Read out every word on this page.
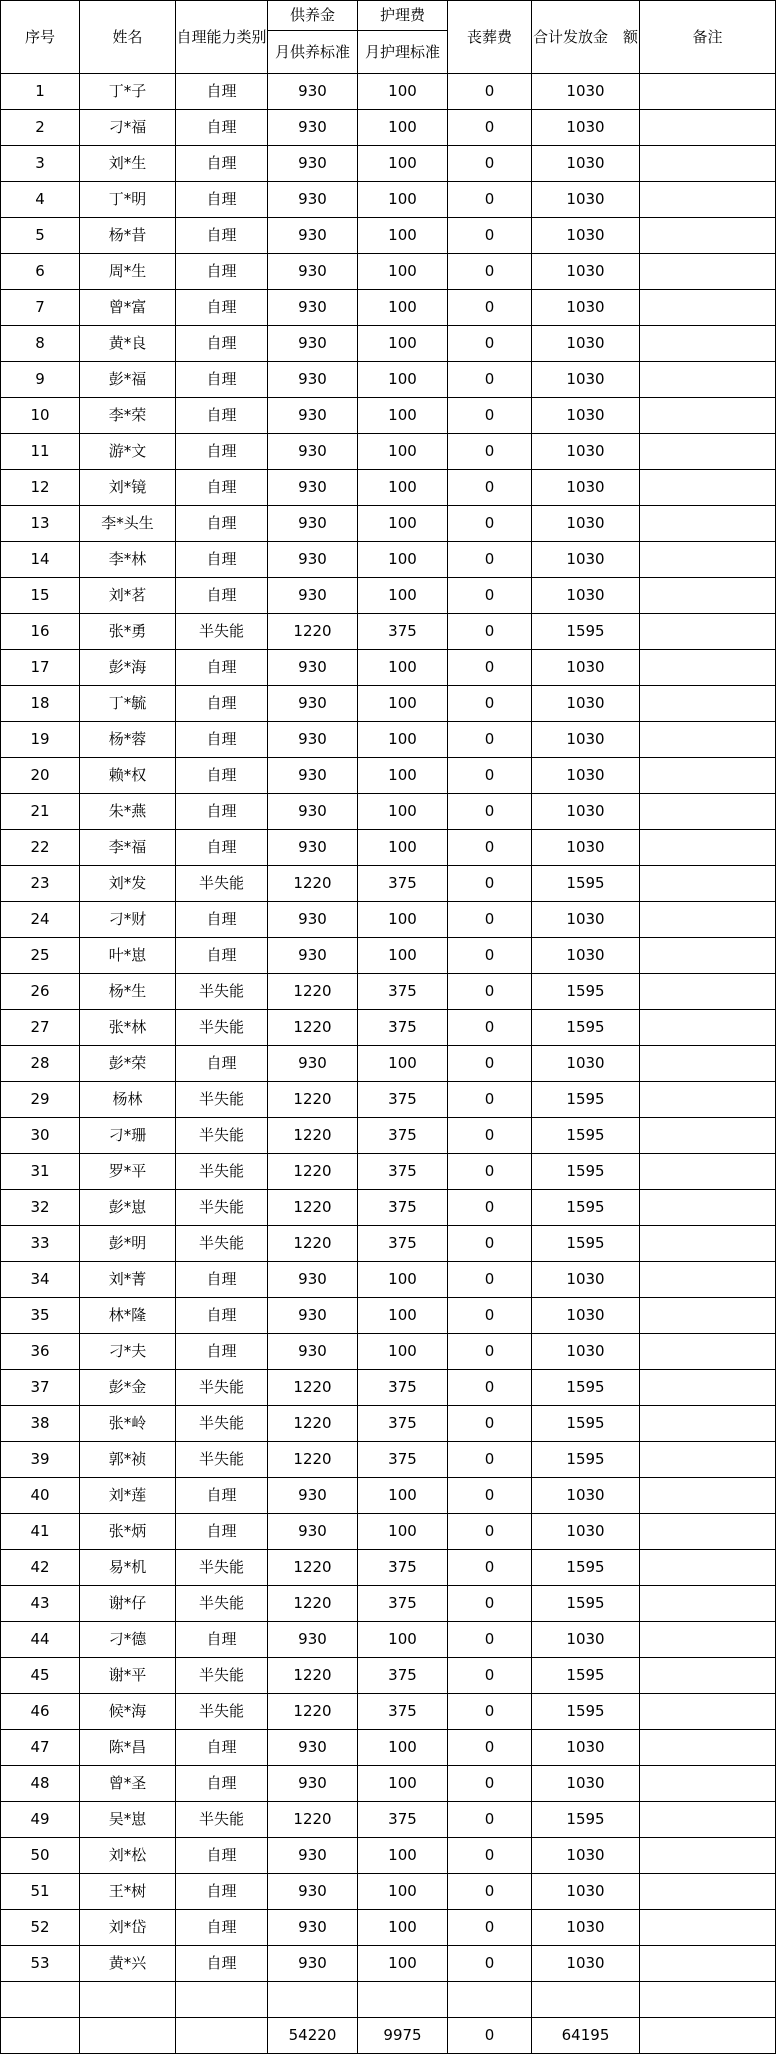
序号	姓名	自理能力类别	供养金	护理费	丧葬费	合计发放金　额	备注
			月供养标准	月护理标准			
1	丁*子	自理	930	100	0	1030	
2	刁*福	自理	930	100	0	1030	
3	刘*生	自理	930	100	0	1030	
4	丁*明	自理	930	100	0	1030	
5	杨*昔	自理	930	100	0	1030	
6	周*生	自理	930	100	0	1030	
7	曾*富	自理	930	100	0	1030	
8	黄*良	自理	930	100	0	1030	
9	彭*福	自理	930	100	0	1030	
10	李*荣	自理	930	100	0	1030	
11	游*文	自理	930	100	0	1030	
12	刘*镜	自理	930	100	0	1030	
13	李*头生	自理	930	100	0	1030	
14	李*林	自理	930	100	0	1030	
15	刘*茗	自理	930	100	0	1030	
16	张*勇	半失能	1220	375	0	1595	
17	彭*海	自理	930	100	0	1030	
18	丁*毓	自理	930	100	0	1030	
19	杨*蓉	自理	930	100	0	1030	
20	赖*权	自理	930	100	0	1030	
21	朱*燕	自理	930	100	0	1030	
22	李*福	自理	930	100	0	1030	
23	刘*发	半失能	1220	375	0	1595	
24	刁*财	自理	930	100	0	1030	
25	叶*崽	自理	930	100	0	1030	
26	杨*生	半失能	1220	375	0	1595	
27	张*林	半失能	1220	375	0	1595	
28	彭*荣	自理	930	100	0	1030	
29	杨林	半失能	1220	375	0	1595	
30	刁*珊	半失能	1220	375	0	1595	
31	罗*平	半失能	1220	375	0	1595	
32	彭*崽	半失能	1220	375	0	1595	
33	彭*明	半失能	1220	375	0	1595	
34	刘*菁	自理	930	100	0	1030	
35	林*隆	自理	930	100	0	1030	
36	刁*夫	自理	930	100	0	1030	
37	彭*金	半失能	1220	375	0	1595	
38	张*岭	半失能	1220	375	0	1595	
39	郭*祯	半失能	1220	375	0	1595	
40	刘*莲	自理	930	100	0	1030	
41	张*炳	自理	930	100	0	1030	
42	易*机	半失能	1220	375	0	1595	
43	谢*仔	半失能	1220	375	0	1595	
44	刁*德	自理	930	100	0	1030	
45	谢*平	半失能	1220	375	0	1595	
46	候*海	半失能	1220	375	0	1595	
47	陈*昌	自理	930	100	0	1030	
48	曾*圣	自理	930	100	0	1030	
49	吴*崽	半失能	1220	375	0	1595	
50	刘*松	自理	930	100	0	1030	
51	王*树	自理	930	100	0	1030	
52	刘*岱	自理	930	100	0	1030	
53	黄*兴	自理	930	100	0	1030	

			54220	9975	0	64195	
